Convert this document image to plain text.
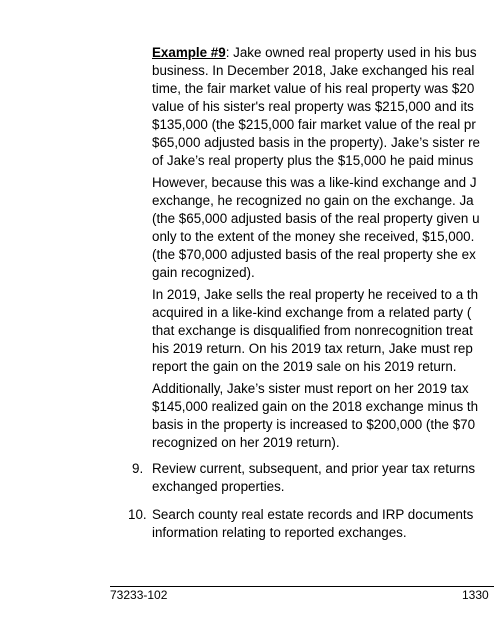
Example #9: Jake owned real property used in his bus
business. In December 2018, Jake exchanged his real
time, the fair market value of his real property was $20
value of his sister's real property was $215,000 and its
$135,000 (the $215,000 fair market value of the real pr
$65,000 adjusted basis in the property). Jake’s sister re
of Jake’s real property plus the $15,000 he paid minus
However, because this was a like-kind exchange and J
exchange, he recognized no gain on the exchange. Ja
(the $65,000 adjusted basis of the real property given u
only to the extent of the money she received, $15,000.
(the $70,000 adjusted basis of the real property she ex
gain recognized).
In 2019, Jake sells the real property he received to a th
acquired in a like-kind exchange from a related party (
that exchange is disqualified from nonrecognition treat
his 2019 return. On his 2019 tax return, Jake must rep
report the gain on the 2019 sale on his 2019 return.
Additionally, Jake’s sister must report on her 2019 tax
$145,000 realized gain on the 2018 exchange minus th
basis in the property is increased to $200,000 (the $70
recognized on her 2019 return).
9. Review current, subsequent, and prior year tax returns
exchanged properties.
10. Search county real estate records and IRP documents
information relating to reported exchanges.
73233-102	1330
